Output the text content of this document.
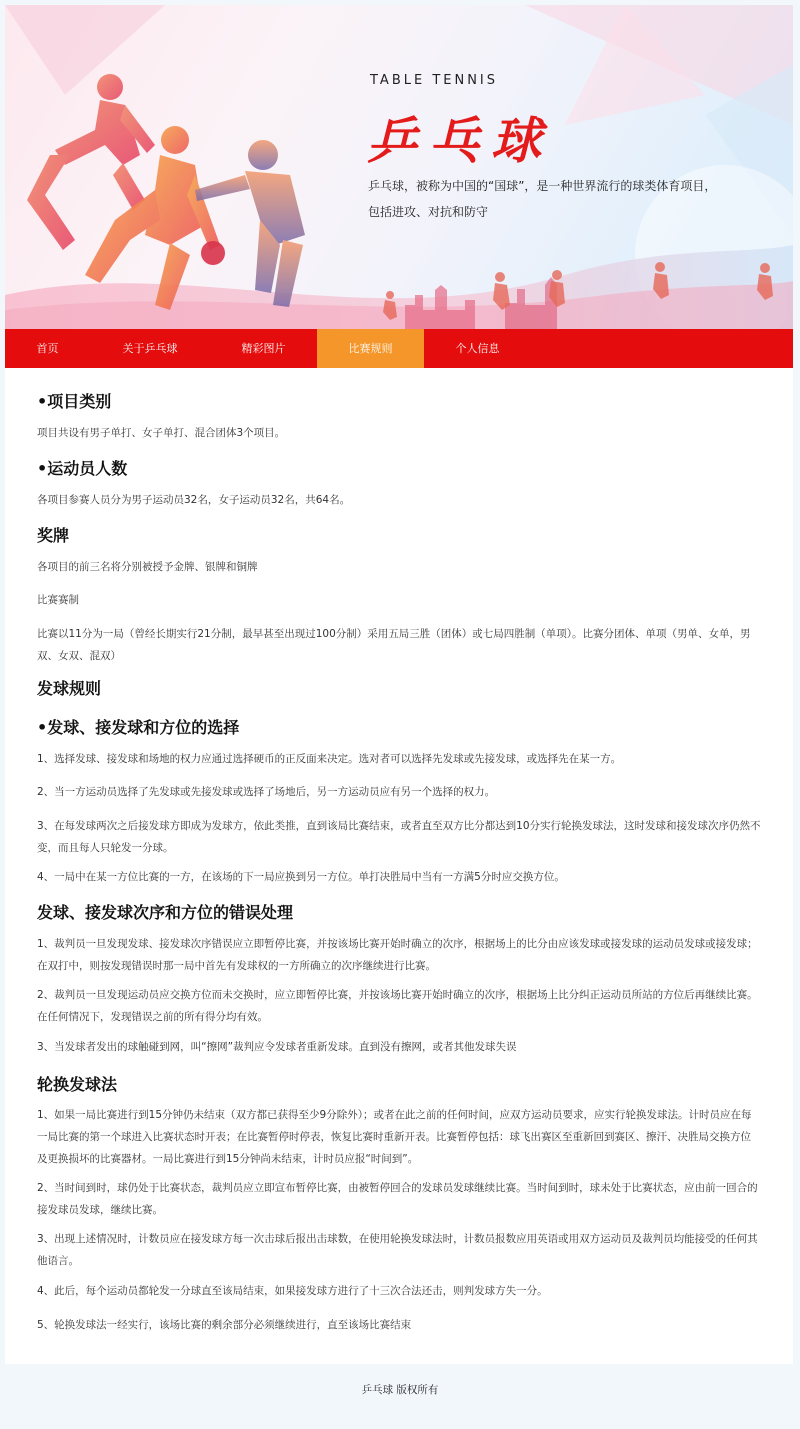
TABLE TENNIS
乒乓球
乒乓球，被称为中国的“国球”，是一种世界流行的球类体育项目，
包括进攻、对抗和防守
首页	关于乒乓球	精彩图片	比赛规则	个人信息
•项目类别
项目共设有男子单打、女子单打、混合团体3个项目。
•运动员人数
各项目参赛人员分为男子运动员32名，女子运动员32名，共64名。
奖牌
各项目的前三名将分别被授予金牌、银牌和铜牌
比赛赛制
比赛以11分为一局（曾经长期实行21分制，最早甚至出现过100分制）采用五局三胜（团体）或七局四胜制（单项）。比赛分团体、单项（男单、女单，男双、女双、混双）
发球规则
•发球、接发球和方位的选择
1、选择发球、接发球和场地的权力应通过选择硬币的正反面来决定。选对者可以选择先发球或先接发球，或选择先在某一方。
2、当一方运动员选择了先发球或先接发球或选择了场地后，另一方运动员应有另一个选择的权力。
3、在每发球两次之后接发球方即成为发球方，依此类推，直到该局比赛结束，或者直至双方比分都达到10分实行轮换发球法，这时发球和接发球次序仍然不变，而且每人只轮发一分球。
4、一局中在某一方位比赛的一方，在该场的下一局应换到另一方位。单打决胜局中当有一方满5分时应交换方位。
发球、接发球次序和方位的错误处理
1、裁判员一旦发现发球、接发球次序错误应立即暂停比赛，并按该场比赛开始时确立的次序，根据场上的比分由应该发球或接发球的运动员发球或接发球；在双打中，则按发现错误时那一局中首先有发球权的一方所确立的次序继续进行比赛。
2、裁判员一旦发现运动员应交换方位而未交换时，应立即暂停比赛，并按该场比赛开始时确立的次序，根据场上比分纠正运动员所站的方位后再继续比赛。在任何情况下，发现错误之前的所有得分均有效。
3、当发球者发出的球触碰到网，叫“擦网”裁判应令发球者重新发球。直到没有擦网，或者其他发球失误
轮换发球法
1、如果一局比赛进行到15分钟仍未结束（双方都已获得至少9分除外）；或者在此之前的任何时间，应双方运动员要求，应实行轮换发球法。计时员应在每一局比赛的第一个球进入比赛状态时开表；在比赛暂停时停表，恢复比赛时重新开表。比赛暂停包括：球飞出赛区至重新回到赛区、擦汗、决胜局交换方位及更换损坏的比赛器材。一局比赛进行到15分钟尚未结束，计时员应报“时间到”。
2、当时间到时，球仍处于比赛状态，裁判员应立即宣布暂停比赛，由被暂停回合的发球员发球继续比赛。当时间到时，球未处于比赛状态，应由前一回合的接发球员发球，继续比赛。
3、出现上述情况时，计数员应在接发球方每一次击球后报出击球数，在使用轮换发球法时，计数员报数应用英语或用双方运动员及裁判员均能接受的任何其他语言。
4、此后，每个运动员都轮发一分球直至该局结束，如果接发球方进行了十三次合法还击，则判发球方失一分。
5、轮换发球法一经实行，该场比赛的剩余部分必须继续进行，直至该场比赛结束
乒乓球 版权所有
